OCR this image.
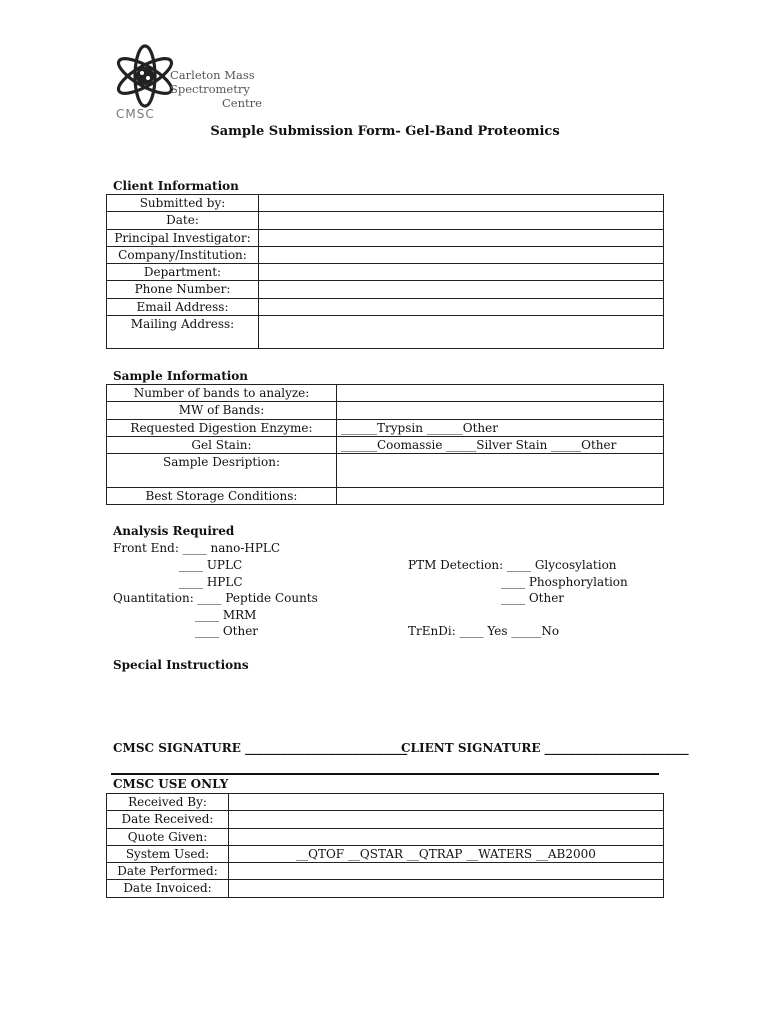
Carleton Mass Spectrometry
Centre
CMSC
Sample Submission Form- Gel-Band Proteomics
Client Information
Submitted by:	
Date:	
Principal Investigator:	
Company/Institution:	
Department:	
Phone Number:	
Email Address:	
Mailing Address:	
Sample Information
Number of bands to analyze:	
MW of Bands:	
Requested Digestion Enzyme:	______Trypsin ______Other
Gel Stain:	______Coomassie _____Silver Stain _____Other
Sample Desription:	
Best Storage Conditions:	
Analysis Required
Front End: ____ nano-HPLC
____ UPLC
____ HPLC
Quantitation: ____ Peptide Counts
____ MRM
____ Other
PTM Detection: ____ Glycosylation
____ Phosphorylation
____ Other
TrEnDi: ____ Yes _____No
Special Instructions
CMSC SIGNATURE ___________________________
CLIENT SIGNATURE ________________________
CMSC USE ONLY
Received By:	
Date Received:	
Quote Given:	
System Used:	__QTOF __QSTAR __QTRAP __WATERS __AB2000
Date Performed:	
Date Invoiced:	
